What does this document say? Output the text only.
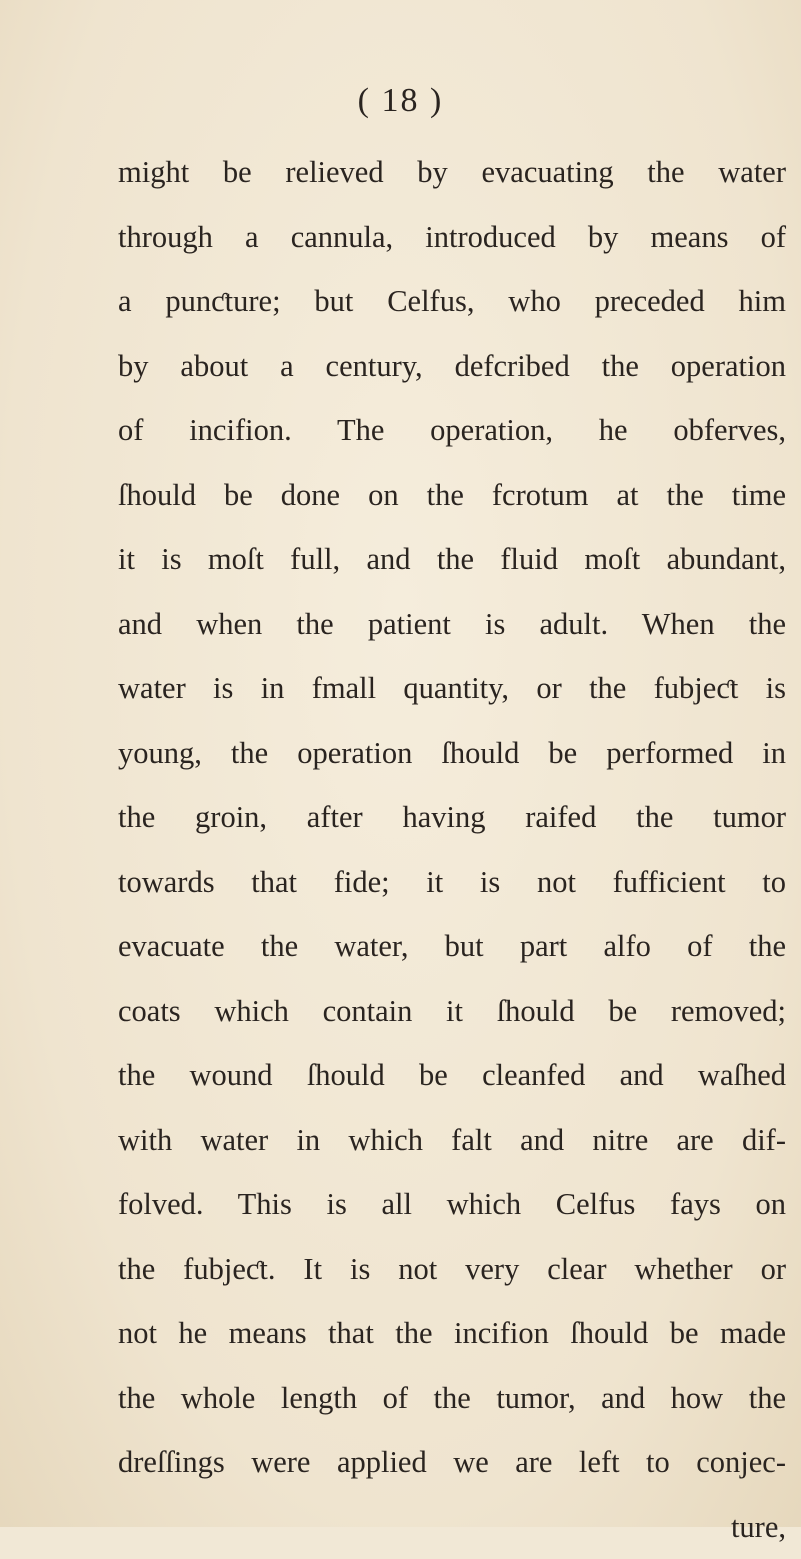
( 18 )
might be relieved by evacuating the water
through a cannula, introduced by means of
a punƈture; but Celfus, who preceded him
by about a century, defcribed the operation
of incifion. The operation, he obferves,
ſhould be done on the fcrotum at the time
it is moſt full, and the fluid moſt abundant,
and when the patient is adult. When the
water is in fmall quantity, or the fubjeƈt is
young, the operation ſhould be performed in
the groin, after having raifed the tumor
towards that fide; it is not fufficient to
evacuate the water, but part alfo of the
coats which contain it ſhould be removed;
the wound ſhould be cleanfed and waſhed
with water in which falt and nitre are dif-
folved. This is all which Celfus fays on
the fubjeƈt. It is not very clear whether or
not he means that the incifion ſhould be made
the whole length of the tumor, and how the
dreſſings were applied we are left to conjec-
ture,
